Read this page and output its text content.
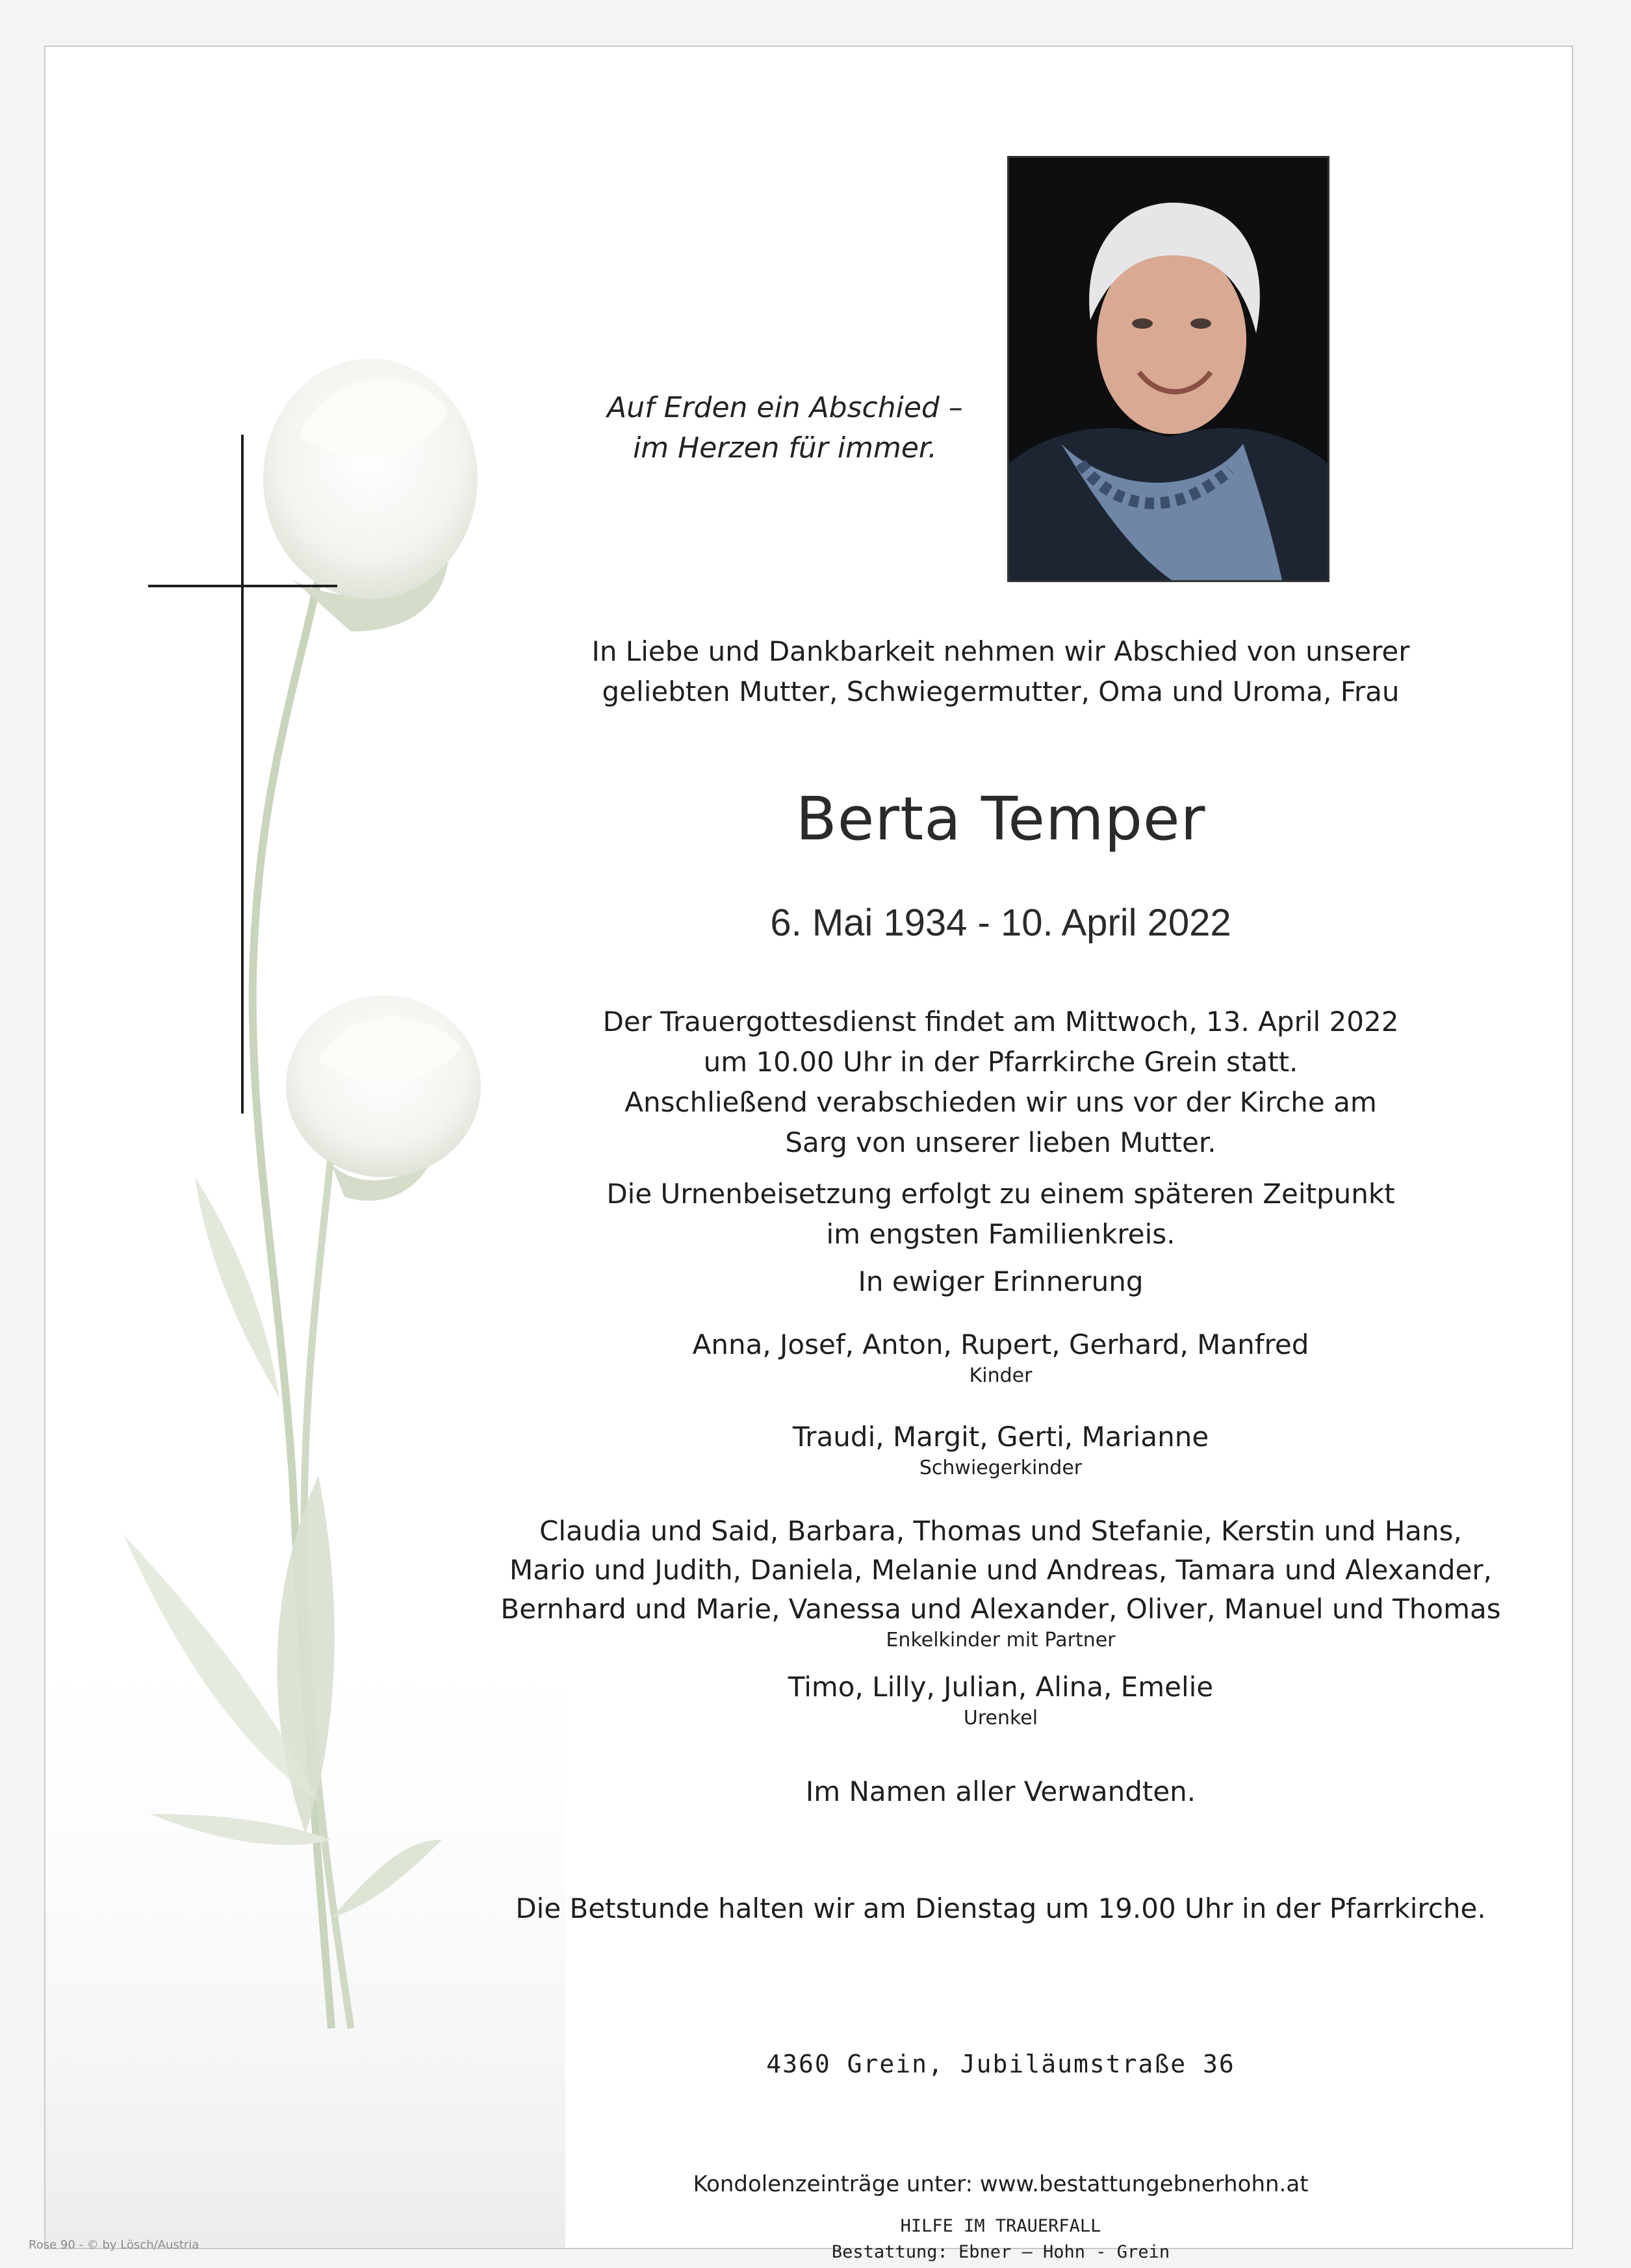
Auf Erden ein Abschied –
im Herzen für immer.
In Liebe und Dankbarkeit nehmen wir Abschied von unserer
geliebten Mutter, Schwiegermutter, Oma und Uroma, Frau
Berta Temper
6. Mai 1934 - 10. April 2022
Der Trauergottesdienst findet am Mittwoch, 13. April 2022
um 10.00 Uhr in der Pfarrkirche Grein statt.
Anschließend verabschieden wir uns vor der Kirche am
Sarg von unserer lieben Mutter.
Die Urnenbeisetzung erfolgt zu einem späteren Zeitpunkt
im engsten Familienkreis.
In ewiger Erinnerung
Anna, Josef, Anton, Rupert, Gerhard, Manfred
Kinder
Traudi, Margit, Gerti, Marianne
Schwiegerkinder
Claudia und Said, Barbara, Thomas und Stefanie, Kerstin und Hans,
Mario und Judith, Daniela, Melanie und Andreas, Tamara und Alexander,
Bernhard und Marie, Vanessa und Alexander, Oliver, Manuel und Thomas
Enkelkinder mit Partner
Timo, Lilly, Julian, Alina, Emelie
Urenkel
Im Namen aller Verwandten.
Die Betstunde halten wir am Dienstag um 19.00 Uhr in der Pfarrkirche.
4360 Grein, Jubiläumstraße 36
Kondolenzeinträge unter: www.bestattungebnerhohn.at
HILFE IM TRAUERFALL
Bestattung: Ebner – Hohn - Grein
Rose 90 - © by Lösch/Austria
